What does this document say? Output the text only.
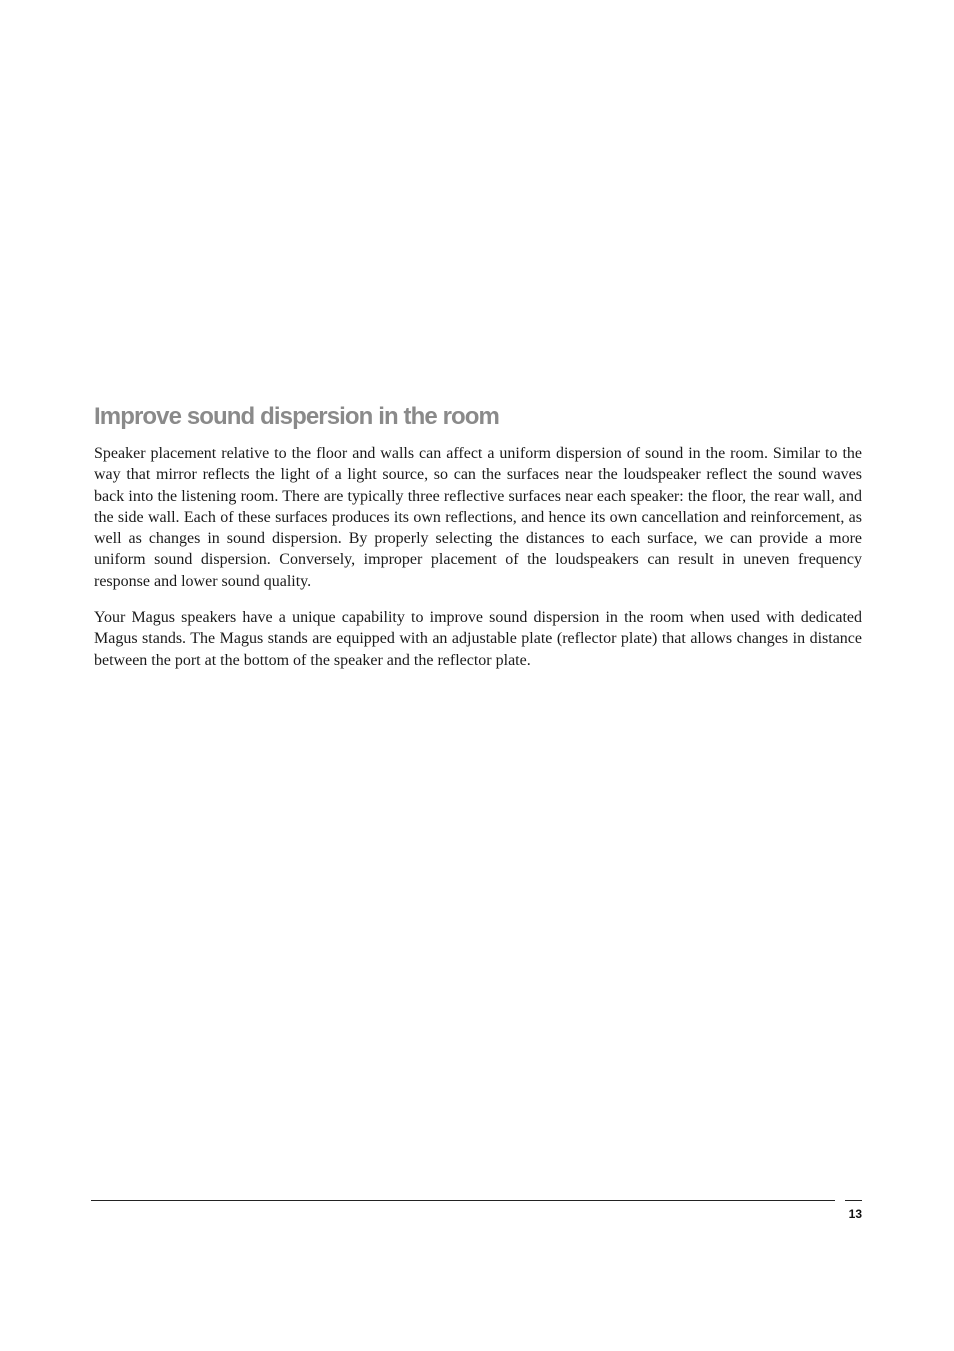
Improve sound dispersion in the room

Speaker placement relative to the floor and walls can affect a uniform dispersion of sound in the room. Similar to the way that mirror reflects the light of a light source, so can the surfaces near the loudspeaker reflect the sound waves back into the listening room. There are typically three reflective surfaces near each speaker: the floor, the rear wall, and the side wall. Each of these surfaces produces its own reflections, and hence its own cancellation and reinforcement, as well as changes in sound dispersion. By properly selecting the distances to each surface, we can provide a more uniform sound dispersion. Conversely, improper placement of the loudspeakers can result in uneven frequency response and lower sound quality.

Your Magus speakers have a unique capability to improve sound dispersion in the room when used with dedicated Magus stands. The Magus stands are equipped with an adjustable plate (reflector plate) that allows changes in distance between the port at the bottom of the speaker and the reflector plate.

13
